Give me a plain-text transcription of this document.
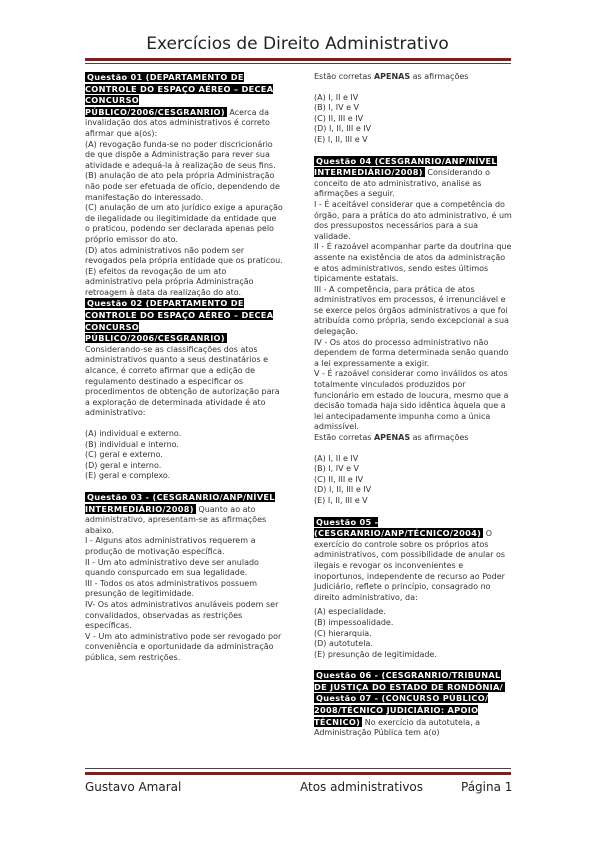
Exercícios de Direito Administrativo
Questão 01 (DEPARTAMENTO DE CONTROLE DO ESPAÇO AÉREO – DECEA CONCURSO PÚBLICO/2006/CESGRANRIO) Acerca da invalidação dos atos administrativos é correto afirmar que a(os):

(A) revogação funda-se no poder discricionário de que dispõe a Administração para rever sua atividade e adequá-la à realização de seus fins.

(B) anulação de ato pela própria Administração não pode ser efetuada de ofício, dependendo de manifestação do interessado.

(C) anulação de um ato jurídico exige a apuração de ilegalidade ou ilegitimidade da entidade que o praticou, podendo ser declarada apenas pelo próprio emissor do ato.

(D) atos administrativos não podem ser revogados pela própria entidade que os praticou.

(E) efeitos da revogação de um ato administrativo pela própria Administração retroagem à data da realização do ato.

Questão 02 (DEPARTAMENTO DE CONTROLE DO ESPAÇO AÉREO – DECEA CONCURSO PÚBLICO/2006/CESGRANRIO)

Considerando-se as classificações dos atos administrativos quanto a seus destinatários e alcance, é correto afirmar que a edição de regulamento destinado a especificar os procedimentos de obtenção de autorização para a exploração de determinada atividade é ato administrativo:

(A) individual e externo.

(B) individual e interno.

(C) geral e externo.

(D) geral e interno.

(E) geral e complexo.

Questão 03 - (CESGRANRIO/ANP/NÍVEL INTERMEDIÁRIO/2008) Quanto ao ato administrativo, apresentam-se as afirmações abaixo.

I - Alguns atos administrativos requerem a produção de motivação específica.

II - Um ato administrativo deve ser anulado quando conspurcado em sua legalidade.

III - Todos os atos administrativos possuem presunção de legitimidade.

IV- Os atos administrativos anuláveis podem ser convalidados, observadas as restrições específicas.

V - Um ato administrativo pode ser revogado por conveniência e oportunidade da administração pública, sem restrições.

Estão corretas APENAS as afirmações

(A) I, II e IV

(B) I, IV e V

(C) II, III e IV

(D) I, II, III e IV

(E) I, II, III e V

Questão 04 (CESGRANRIO/ANP/NÍVEL INTERMEDIÁRIO/2008) Considerando o conceito de ato administrativo, analise as afirmações a seguir.

I - É aceitável considerar que a competência do órgão, para a prática do ato administrativo, é um dos pressupostos necessários para a sua validade.

II - É razoável acompanhar parte da doutrina que assente na existência de atos da administração e atos administrativos, sendo estes últimos tipicamente estatais.

III - A competência, para prática de atos administrativos em processos, é irrenunciável e se exerce pelos órgãos administrativos a que foi atribuída como própria, sendo excepcional a sua delegação.

IV - Os atos do processo administrativo não dependem de forma determinada senão quando a lei expressamente a exigir.

V - É razoável considerar como inválidos os atos totalmente vinculados produzidos por funcionário em estado de loucura, mesmo que a decisão tomada haja sido idêntica àquela que a lei antecipadamente impunha como a única admissível.

Estão corretas APENAS as afirmações

(A) I, II e IV

(B) I, IV e V

(C) II, III e IV

(D) I, II, III e IV

(E) I, II, III e V

Questão 05 - (CESGRANRIO/ANP/TÉCNICO/2004) O exercício do controle sobre os próprios atos administrativos, com possibilidade de anular os ilegais e revogar os inconvenientes e inoportunos, independente de recurso ao Poder Judiciário, reflete o princípio, consagrado no direito administrativo, da:

(A) especialidade.

(B) impessoalidade.

(C) hierarquia.

(D) autotutela.

(E) presunção de legitimidade.

Questão 06 - (CESGRANRIO/TRIBUNAL DE JUSTIÇA DO ESTADO DE RONDÔNIA/ Questão 07 - (CONCURSO PÚBLICO/ 2008/TÉCNICO JUDICIÁRIO: APOIO TÉCNICO) No exercício da autotutela, a Administração Pública tem a(o)
Gustavo Amaral	Atos administrativos	Página 1
